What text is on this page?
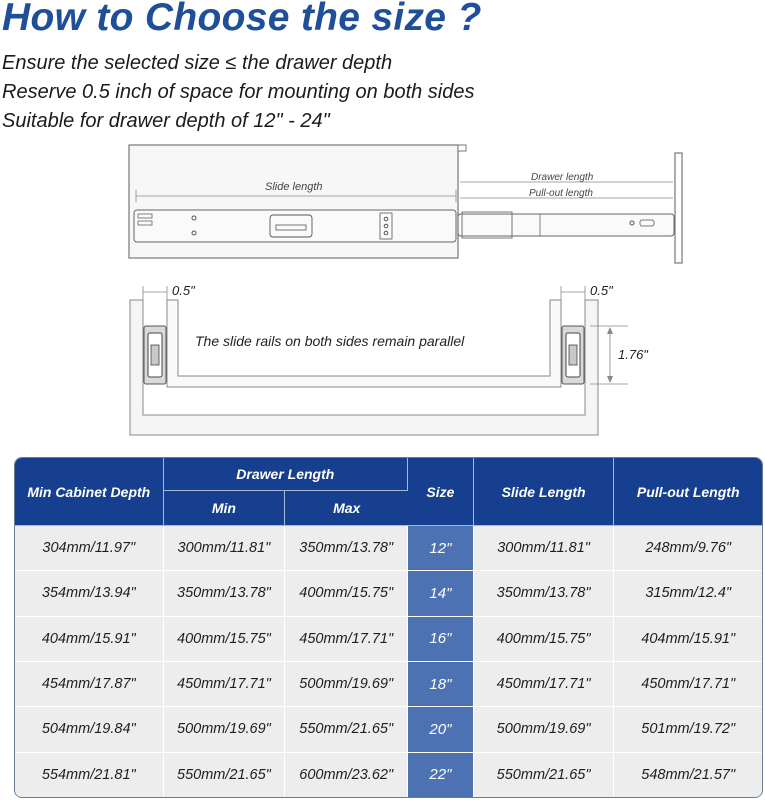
How to Choose the size ?
Ensure the selected size ≤ the drawer depth
Reserve 0.5 inch of space for mounting on both sides
Suitable for drawer depth of 12" - 24"
Slide length
Drawer length
Pull-out length
0.5"	0.5"
The slide rails on both sides remain parallel
1.76"
Min Cabinet Depth	Drawer Length		Size	Slide Length	Pull-out Length
	Min	Max			
304mm/11.97"	300mm/11.81"	350mm/13.78"	12"	300mm/11.81"	248mm/9.76"
354mm/13.94"	350mm/13.78"	400mm/15.75"	14"	350mm/13.78"	315mm/12.4"
404mm/15.91"	400mm/15.75"	450mm/17.71"	16"	400mm/15.75"	404mm/15.91"
454mm/17.87"	450mm/17.71"	500mm/19.69"	18"	450mm/17.71"	450mm/17.71"
504mm/19.84"	500mm/19.69"	550mm/21.65"	20"	500mm/19.69"	501mm/19.72"
554mm/21.81"	550mm/21.65"	600mm/23.62"	22"	550mm/21.65"	548mm/21.57"
